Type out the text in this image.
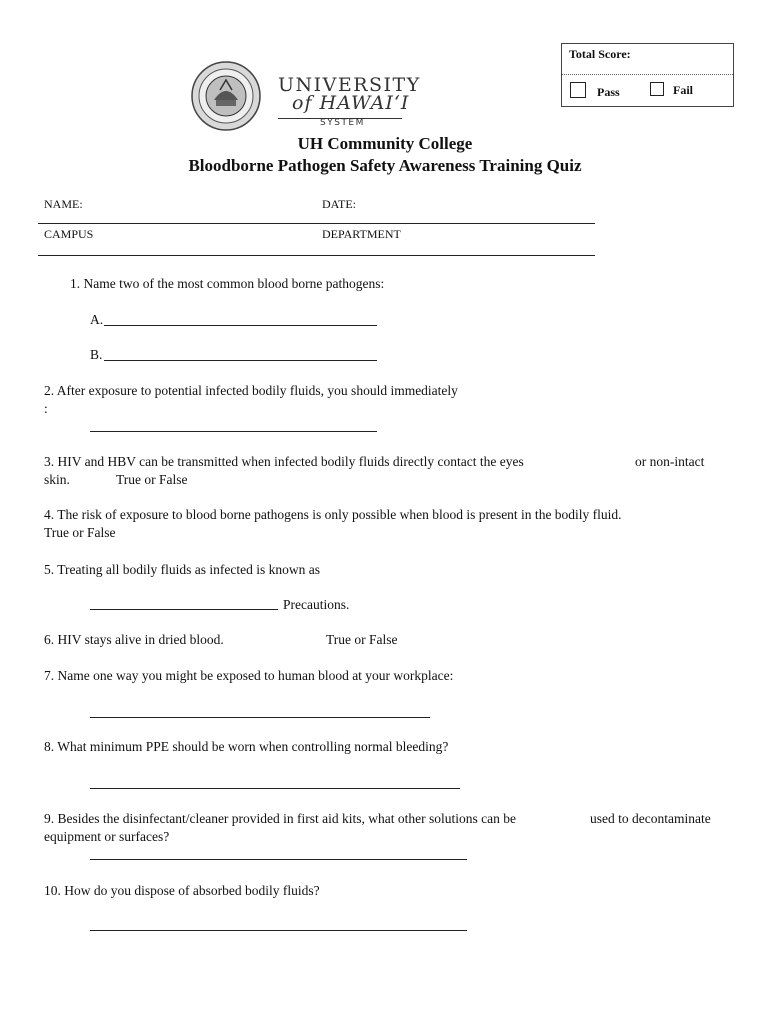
Total Score:
Pass	Fail
UNIVERSITY
of HAWAIʻI
SYSTEM
UH Community College
Bloodborne Pathogen Safety Awareness Training Quiz
NAME:	DATE:
CAMPUS	DEPARTMENT
1. Name two of the most common blood borne pathogens:
A.
B.
2. After exposure to potential infected bodily fluids, you should immediately
:
3. HIV and HBV can be transmitted when infected bodily fluids directly contact the eyes	or non-intact
skin.	True or False
4. The risk of exposure to blood borne pathogens is only possible when blood is present in the bodily fluid.
True or False
5. Treating all bodily fluids as infected is known as
Precautions.
6. HIV stays alive in dried blood.	True or False
7. Name one way you might be exposed to human blood at your workplace:
8. What minimum PPE should be worn when controlling normal bleeding?
9. Besides the disinfectant/cleaner provided in first aid kits, what other solutions can be	used to decontaminate
equipment or surfaces?
10. How do you dispose of absorbed bodily fluids?
